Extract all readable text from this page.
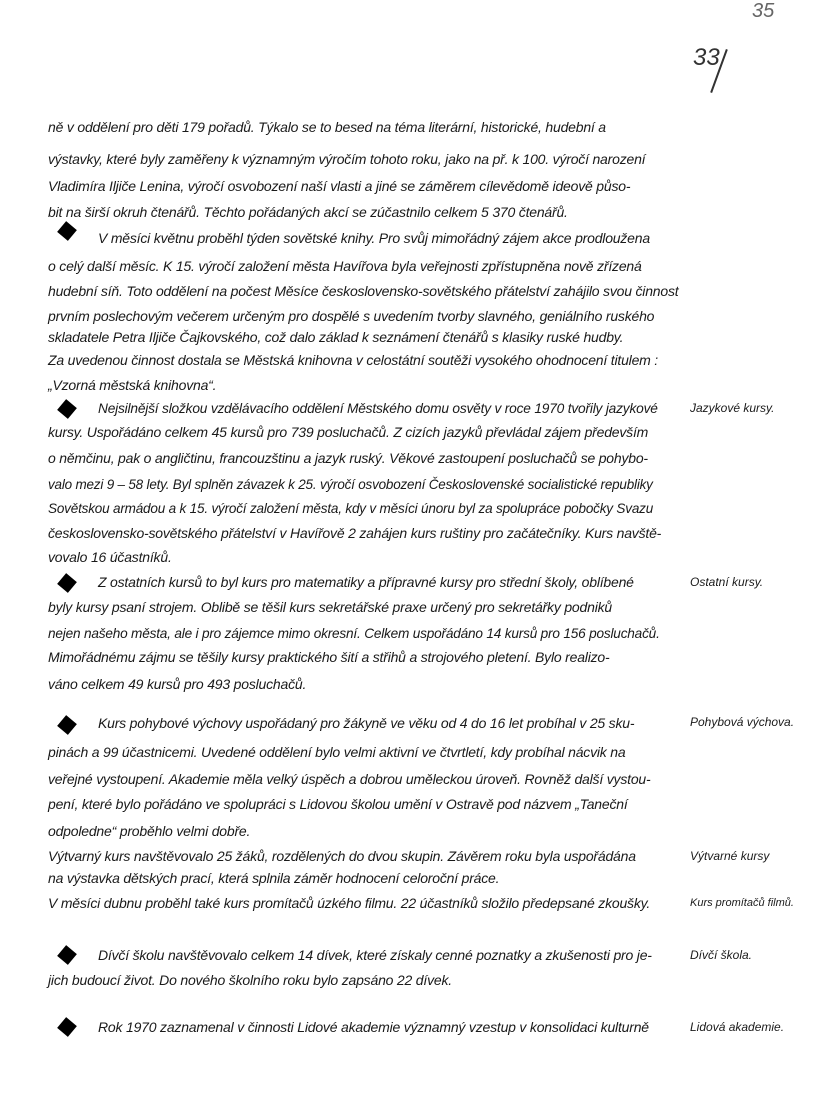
35
33
ně v oddělení pro děti 179 pořadů. Týkalo se to besed na téma literární, historické, hudební a
výstavky, které byly zaměřeny k významným výročím tohoto roku, jako na př. k 100. výročí narození
Vladimíra Iljiče Lenina, výročí osvobození naší vlasti a jiné se záměrem cílevědomě ideově půso-
bit na širší okruh čtenářů. Těchto pořádaných akcí se zúčastnilo celkem 5 370 čtenářů.
V měsíci květnu proběhl týden sovětské knihy. Pro svůj mimořádný zájem akce prodloužena
o celý další měsíc. K 15. výročí založení města Havířova byla veřejnosti zpřístupněna nově zřízená
hudební síň. Toto oddělení na počest Měsíce československo-sovětského přátelství zahájilo svou činnost
prvním poslechovým večerem určeným pro dospělé s uvedením tvorby slavného, geniálního ruského
skladatele Petra Iljiče Čajkovského, což dalo základ k seznámení čtenářů s klasiky ruské hudby.
Za uvedenou činnost dostala se Městská knihovna v celostátní soutěži vysokého ohodnocení titulem :
„Vzorná městská knihovna“.
Nejsilnější složkou vzdělávacího oddělení Městského domu osvěty v roce 1970 tvořily jazykové	Jazykové kursy.
kursy. Uspořádáno celkem 45 kursů pro 739 posluchačů. Z cizích jazyků převládal zájem především
o němčinu, pak o angličtinu, francouzštinu a jazyk ruský. Věkové zastoupení posluchačů se pohybo-
valo mezi 9 – 58 lety. Byl splněn závazek k 25. výročí osvobození Československé socialistické republiky
Sovětskou armádou a k 15. výročí založení města, kdy v měsíci únoru byl za spolupráce pobočky Svazu
československo-sovětského přátelství v Havířově 2 zahájen kurs ruštiny pro začátečníky. Kurs navště-
vovalo 16 účastníků.
Z ostatních kursů to byl kurs pro matematiky a přípravné kursy pro střední školy, oblíbené	Ostatní kursy.
byly kursy psaní strojem. Oblibě se těšil kurs sekretářské praxe určený pro sekretářky podniků
nejen našeho města, ale i pro zájemce mimo okresní. Celkem uspořádáno 14 kursů pro 156 posluchačů.
Mimořádnému zájmu se těšily kursy praktického šití a střihů a strojového pletení. Bylo realizo-
váno celkem 49 kursů pro 493 posluchačů.
Kurs pohybové výchovy uspořádaný pro žákyně ve věku od 4 do 16 let probíhal v 25 sku-	Pohybová výchova.
pinách a 99 účastnicemi. Uvedené oddělení bylo velmi aktivní ve čtvrtletí, kdy probíhal nácvik na
veřejné vystoupení. Akademie měla velký úspěch a dobrou uměleckou úroveň. Rovněž další vystou-
pení, které bylo pořádáno ve spolupráci s Lidovou školou umění v Ostravě pod názvem „Taneční
odpoledne“ proběhlo velmi dobře.
Výtvarný kurs navštěvovalo 25 žáků, rozdělených do dvou skupin. Závěrem roku byla uspořádána	Výtvarné kursy
na výstavka dětských prací, která splnila záměr hodnocení celoroční práce.
V měsíci dubnu proběhl také kurs promítačů úzkého filmu. 22 účastníků složilo předepsané zkoušky.	Kurs promítačů filmů.
Dívčí školu navštěvovalo celkem 14 dívek, které získaly cenné poznatky a zkušenosti pro je-	Dívčí škola.
jich budoucí život. Do nového školního roku bylo zapsáno 22 dívek.
Rok 1970 zaznamenal v činnosti Lidové akademie významný vzestup v konsolidaci kulturně	Lidová akademie.
